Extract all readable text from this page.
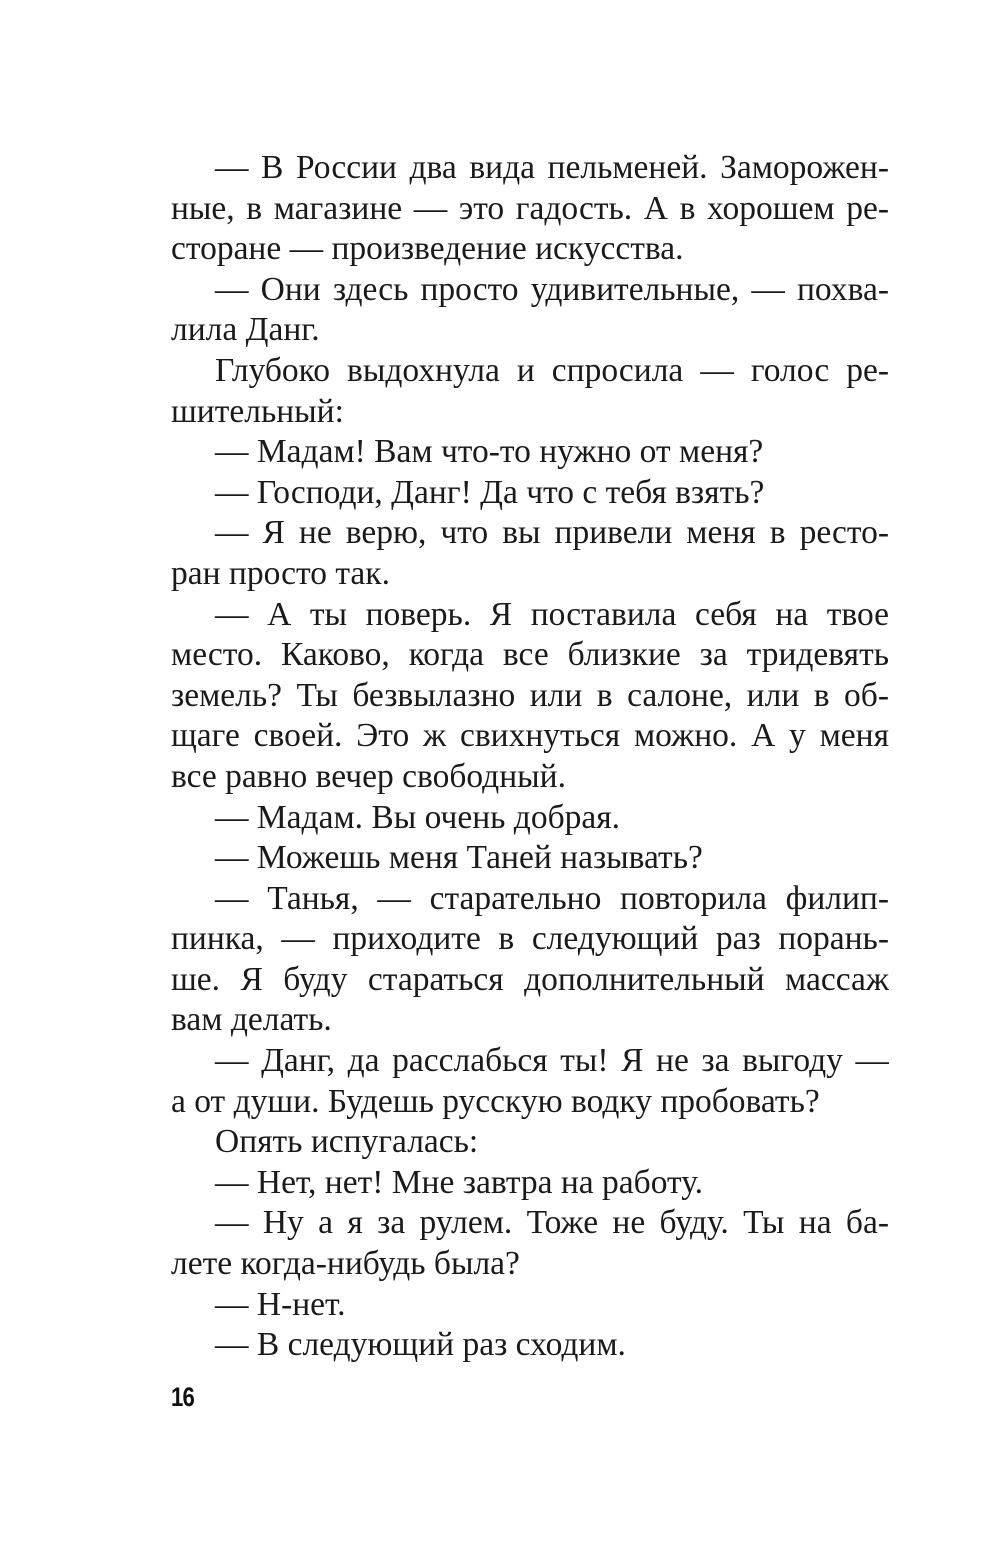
— В России два вида пельменей. Заморожен-
ные, в магазине — это гадость. А в хорошем ре-
сторане — произведение искусства.
— Они здесь просто удивительные, — похва-
лила Данг.
Глубоко выдохнула и спросила — голос ре-
шительный:
— Мадам! Вам что-то нужно от меня?
— Господи, Данг! Да что с тебя взять?
— Я не верю, что вы привели меня в ресто-
ран просто так.
— А ты поверь. Я поставила себя на твое
место. Каково, когда все близкие за тридевять
земель? Ты безвылазно или в салоне, или в об-
щаге своей. Это ж свихнуться можно. А у меня
все равно вечер свободный.
— Мадам. Вы очень добрая.
— Можешь меня Таней называть?
— Танья, — старательно повторила филип-
пинка, — приходите в следующий раз порань-
ше. Я буду стараться дополнительный массаж
вам делать.
— Данг, да расслабься ты! Я не за выгоду —
а от души. Будешь русскую водку пробовать?
Опять испугалась:
— Нет, нет! Мне завтра на работу.
— Ну а я за рулем. Тоже не буду. Ты на ба-
лете когда-нибудь была?
— Н-нет.
— В следующий раз сходим.
16
